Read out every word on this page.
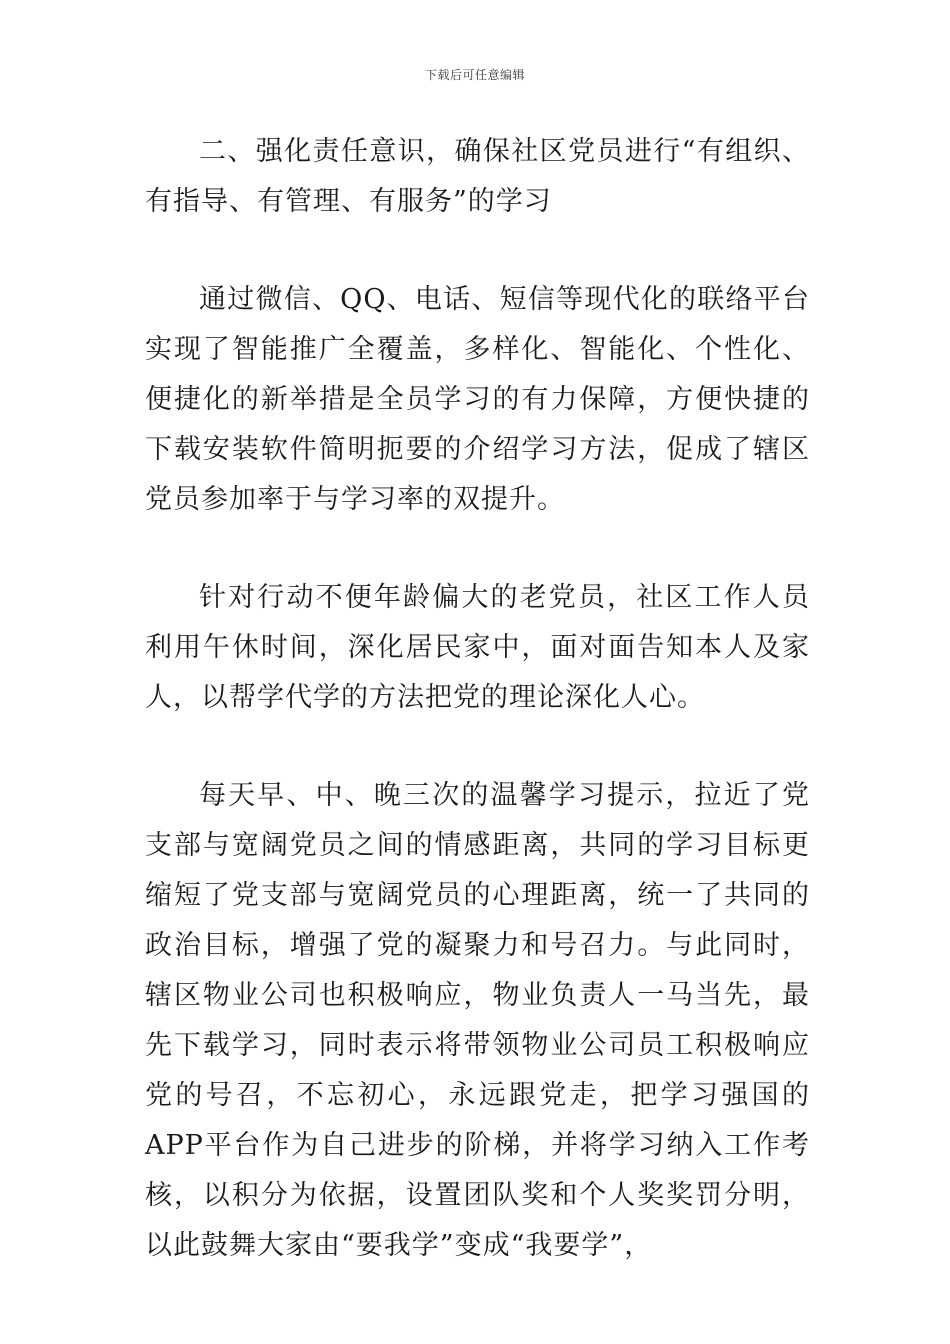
下载后可任意编辑

二、强化责任意识，确保社区党员进行“有组织、有指导、有管理、有服务”的学习

通过微信、QQ、电话、短信等现代化的联络平台实现了智能推广全覆盖，多样化、智能化、个性化、便捷化的新举措是全员学习的有力保障，方便快捷的下载安装软件简明扼要的介绍学习方法，促成了辖区党员参加率于与学习率的双提升。

针对行动不便年龄偏大的老党员，社区工作人员利用午休时间，深化居民家中，面对面告知本人及家人，以帮学代学的方法把党的理论深化人心。

每天早、中、晚三次的温馨学习提示，拉近了党支部与宽阔党员之间的情感距离，共同的学习目标更缩短了党支部与宽阔党员的心理距离，统一了共同的政治目标，增强了党的凝聚力和号召力。与此同时，辖区物业公司也积极响应，物业负责人一马当先，最先下载学习，同时表示将带领物业公司员工积极响应党的号召，不忘初心，永远跟党走，把学习强国的APP平台作为自己进步的阶梯，并将学习纳入工作考核，以积分为依据，设置团队奖和个人奖奖罚分明，以此鼓舞大家由“要我学”变成“我要学”，
